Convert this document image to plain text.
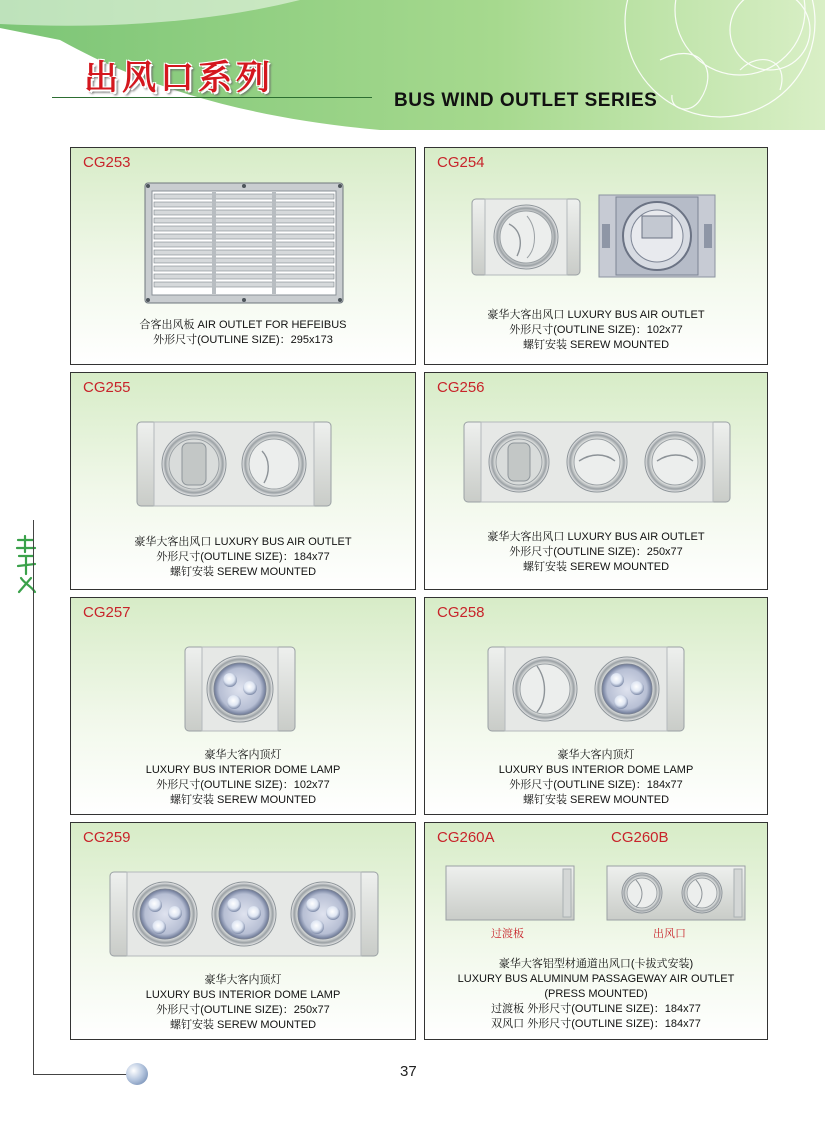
出风口系列
BUS WIND OUTLET SERIES
37
CG253
合客出风板 AIR OUTLET FOR HEFEIBUS
外形尺寸(OUTLINE SIZE)：295x173
CG254
豪华大客出风口 LUXURY BUS AIR OUTLET
外形尺寸(OUTLINE SIZE)：102x77
螺钉安装 SEREW MOUNTED
CG255
豪华大客出风口 LUXURY BUS AIR OUTLET
外形尺寸(OUTLINE SIZE)：184x77
螺钉安装 SEREW MOUNTED
CG256
豪华大客出风口 LUXURY BUS AIR OUTLET
外形尺寸(OUTLINE SIZE)：250x77
螺钉安装 SEREW MOUNTED
CG257
豪华大客内顶灯
LUXURY BUS INTERIOR DOME LAMP
外形尺寸(OUTLINE SIZE)：102x77
螺钉安装 SEREW MOUNTED
CG258
豪华大客内顶灯
LUXURY BUS INTERIOR DOME LAMP
外形尺寸(OUTLINE SIZE)：184x77
螺钉安装 SEREW MOUNTED
CG259
豪华大客内顶灯
LUXURY BUS INTERIOR DOME LAMP
外形尺寸(OUTLINE SIZE)：250x77
螺钉安装 SEREW MOUNTED
CG260A	CG260B
过渡板	出风口
豪华大客铝型材通道出风口(卡拔式安装)
LUXURY BUS ALUMINUM PASSAGEWAY AIR OUTLET
(PRESS MOUNTED)
过渡板 外形尺寸(OUTLINE SIZE)：184x77
双风口 外形尺寸(OUTLINE SIZE)：184x77
